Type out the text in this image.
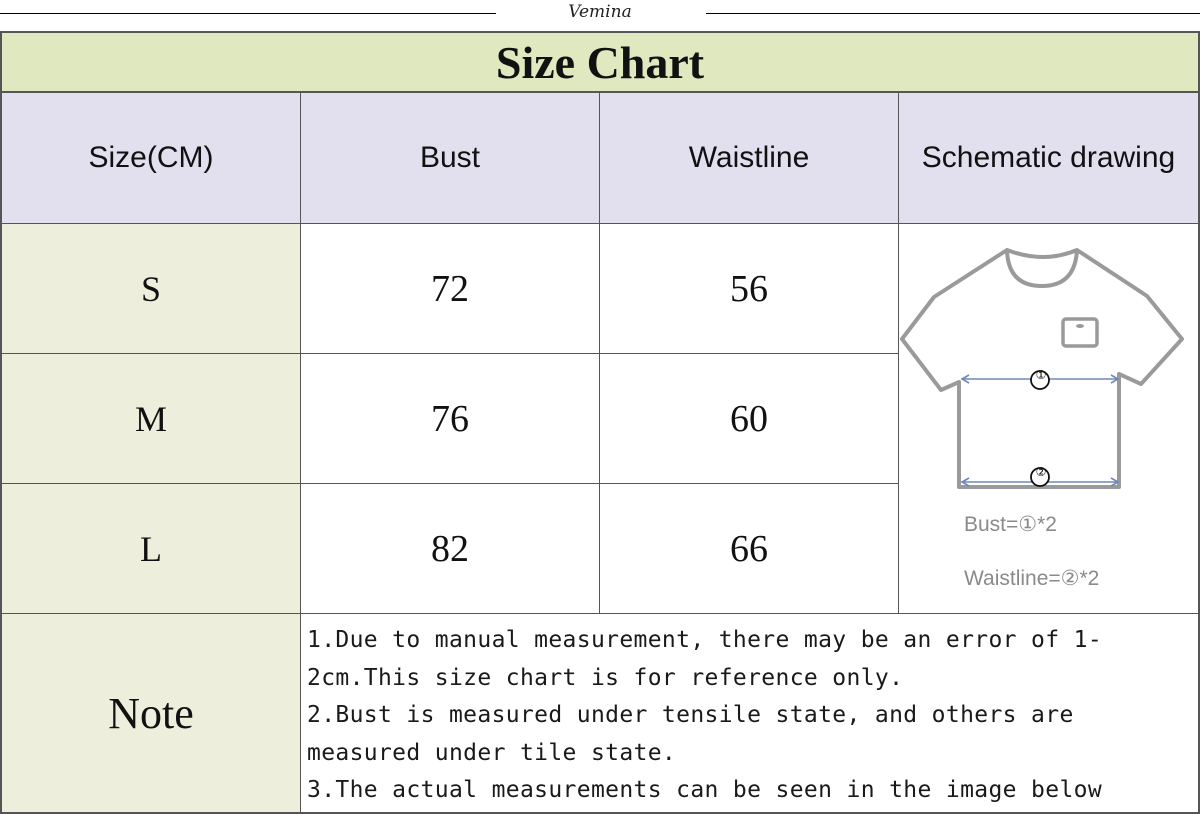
Vemina
Size Chart
Size(CM)	Bust	Waistline	Schematic drawing
S	72	56
M	76	60
L	82	66
①
②
Bust=①*2
Waistline=②*2
Note

1.Due to manual measurement, there may be an error of 1-2cm.This size chart is for reference only.

2.Bust is measured under tensile state, and others are measured under tile state.

3.The actual measurements can be seen in the image below
